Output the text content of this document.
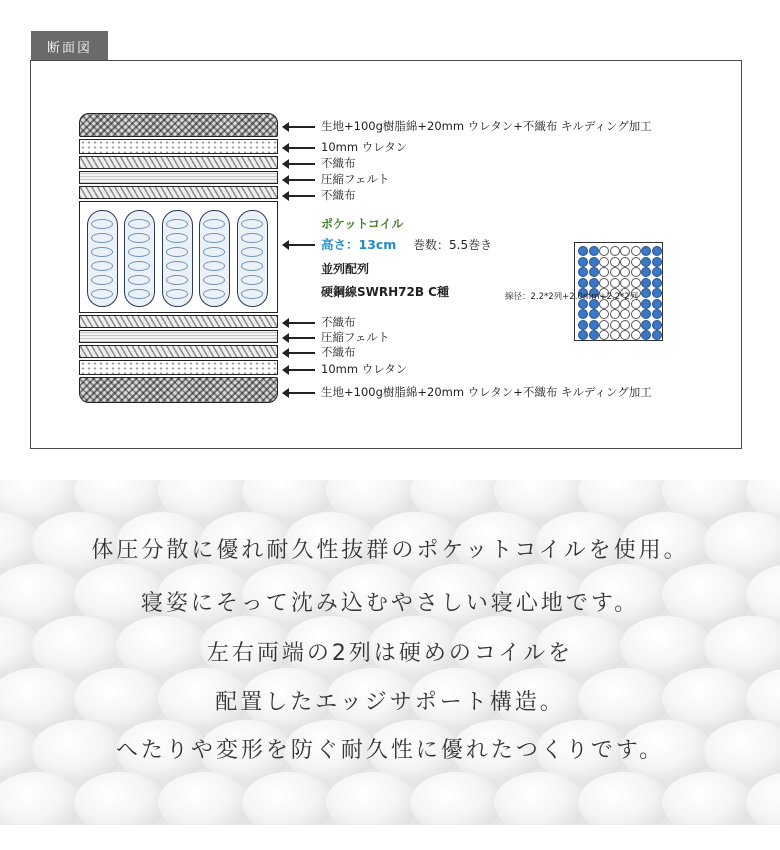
断面図
生地+100g樹脂綿+20mm ウレタン+不織布 キルディング加工
10mm ウレタン
不織布
圧縮フェルト
不織布
ポケットコイル
高さ：13cm 巻数：5.5巻き
並列配列
硬鋼線SWRH72B C種
不織布
圧縮フェルト
不織布
10mm ウレタン
生地+100g樹脂綿+20mm ウレタン+不織布 キルディング加工
線径：2.2*2列+2.0mm+2.2*2列
体圧分散に優れ耐久性抜群のポケットコイルを使用。
寝姿にそって沈み込むやさしい寝心地です。
左右両端の2列は硬めのコイルを
配置したエッジサポート構造。
へたりや変形を防ぐ耐久性に優れたつくりです。
